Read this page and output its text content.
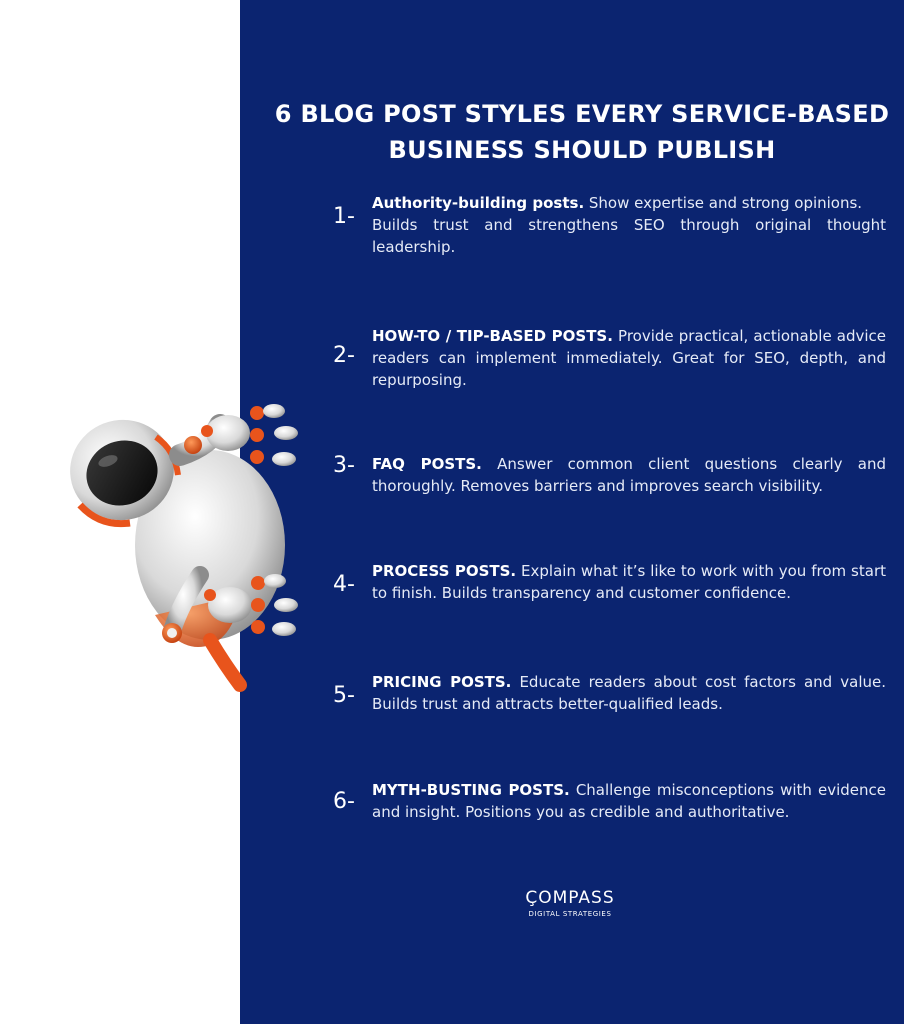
6 BLOG POST STYLES EVERY SERVICE-BASED
BUSINESS SHOULD PUBLISH
1-
Authority-building posts. Show expertise and strong opinions.
Builds trust and strengthens SEO through original thought leadership.
2-
HOW-TO / TIP-BASED POSTS. Provide practical, actionable advice readers can implement immediately. Great for SEO, depth, and repurposing.
3-	FAQ POSTS. Answer common client questions clearly and thoroughly. Removes barriers and improves search visibility.
4-
PROCESS POSTS. Explain what it’s like to work with you from start to finish. Builds transparency and customer confidence.
5-
PRICING POSTS. Educate readers about cost factors and value. Builds trust and attracts better-qualified leads.
6-	MYTH-BUSTING POSTS. Challenge misconceptions with evidence and insight. Positions you as credible and authoritative.
ÇOMPASS
DIGITAL STRATEGIES
